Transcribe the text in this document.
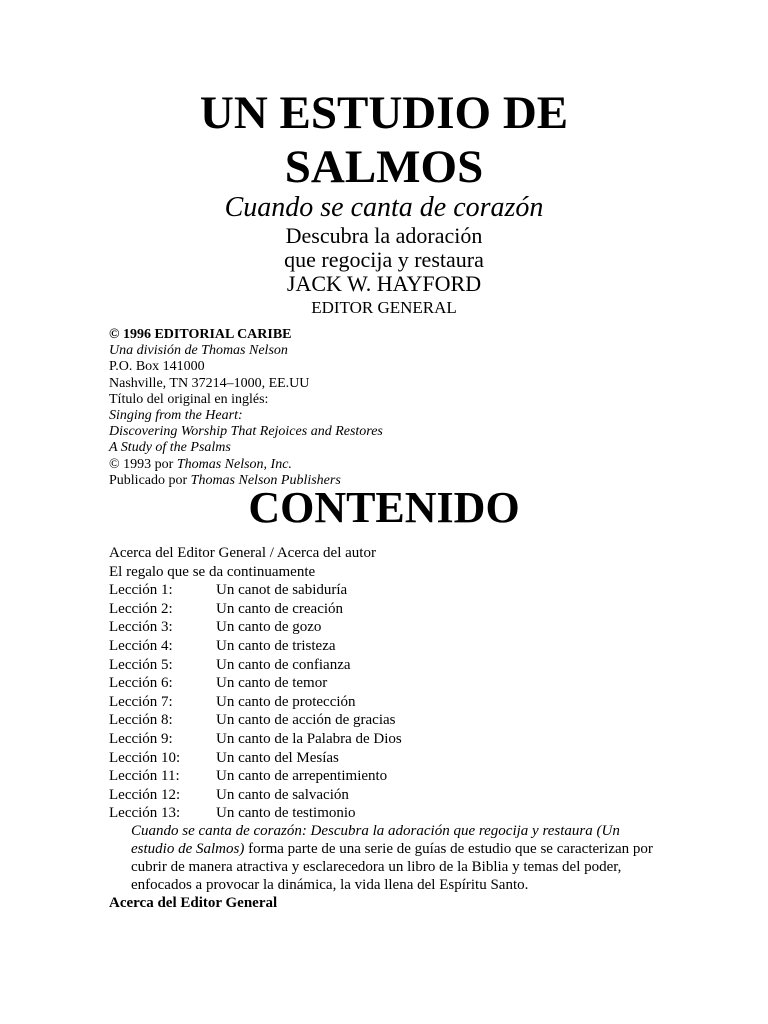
UN ESTUDIO DE
SALMOS
Cuando se canta de corazón
Descubra la adoración
que regocija y restaura
JACK W. HAYFORD
EDITOR GENERAL
© 1996 EDITORIAL CARIBE
Una división de Thomas Nelson
P.O. Box 141000
Nashville, TN 37214–1000, EE.UU
Título del original en inglés:
Singing from the Heart:
Discovering Worship That Rejoices and Restores
A Study of the Psalms
© 1993 por Thomas Nelson, Inc.
Publicado por Thomas Nelson Publishers
CONTENIDO
Acerca del Editor General / Acerca del autor
El regalo que se da continuamente
Lección 1:	Un canot de sabiduría
Lección 2:	Un canto de creación
Lección 3:	Un canto de gozo
Lección 4:	Un canto de tristeza
Lección 5:	Un canto de confianza
Lección 6:	Un canto de temor
Lección 7:	Un canto de protección
Lección 8:	Un canto de acción de gracias
Lección 9:	Un canto de la Palabra de Dios
Lección 10:	Un canto del Mesías
Lección 11:	Un canto de arrepentimiento
Lección 12:	Un canto de salvación
Lección 13:	Un canto de testimonio
Cuando se canta de corazón: Descubra la adoración que regocija y restaura (Un estudio de Salmos) forma parte de una serie de guías de estudio que se caracterizan por cubrir de manera atractiva y esclarecedora un libro de la Biblia y temas del poder, enfocados a provocar la dinámica, la vida llena del Espíritu Santo.
Acerca del Editor General
